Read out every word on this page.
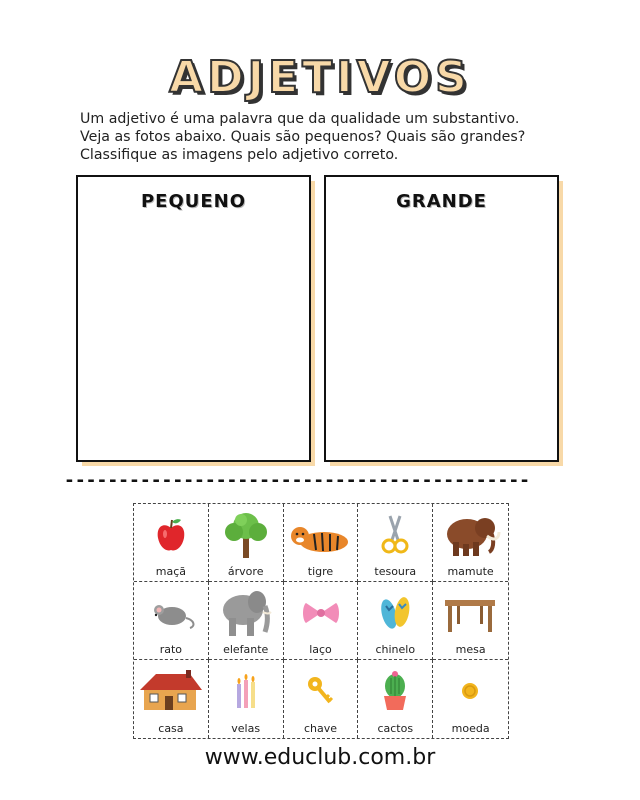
ADJETIVOS
Um adjetivo é uma palavra que da qualidade um substantivo.
Veja as fotos abaixo. Quais são pequenos? Quais são grandes?
Classifique as imagens pelo adjetivo correto.
PEQUENO	GRANDE
-------------------------------------------
maçã	árvore	tigre	tesoura	mamute
rato	elefante	laço	chinelo	mesa
casa	velas	chave	cactos	moeda
www.educlub.com.br
